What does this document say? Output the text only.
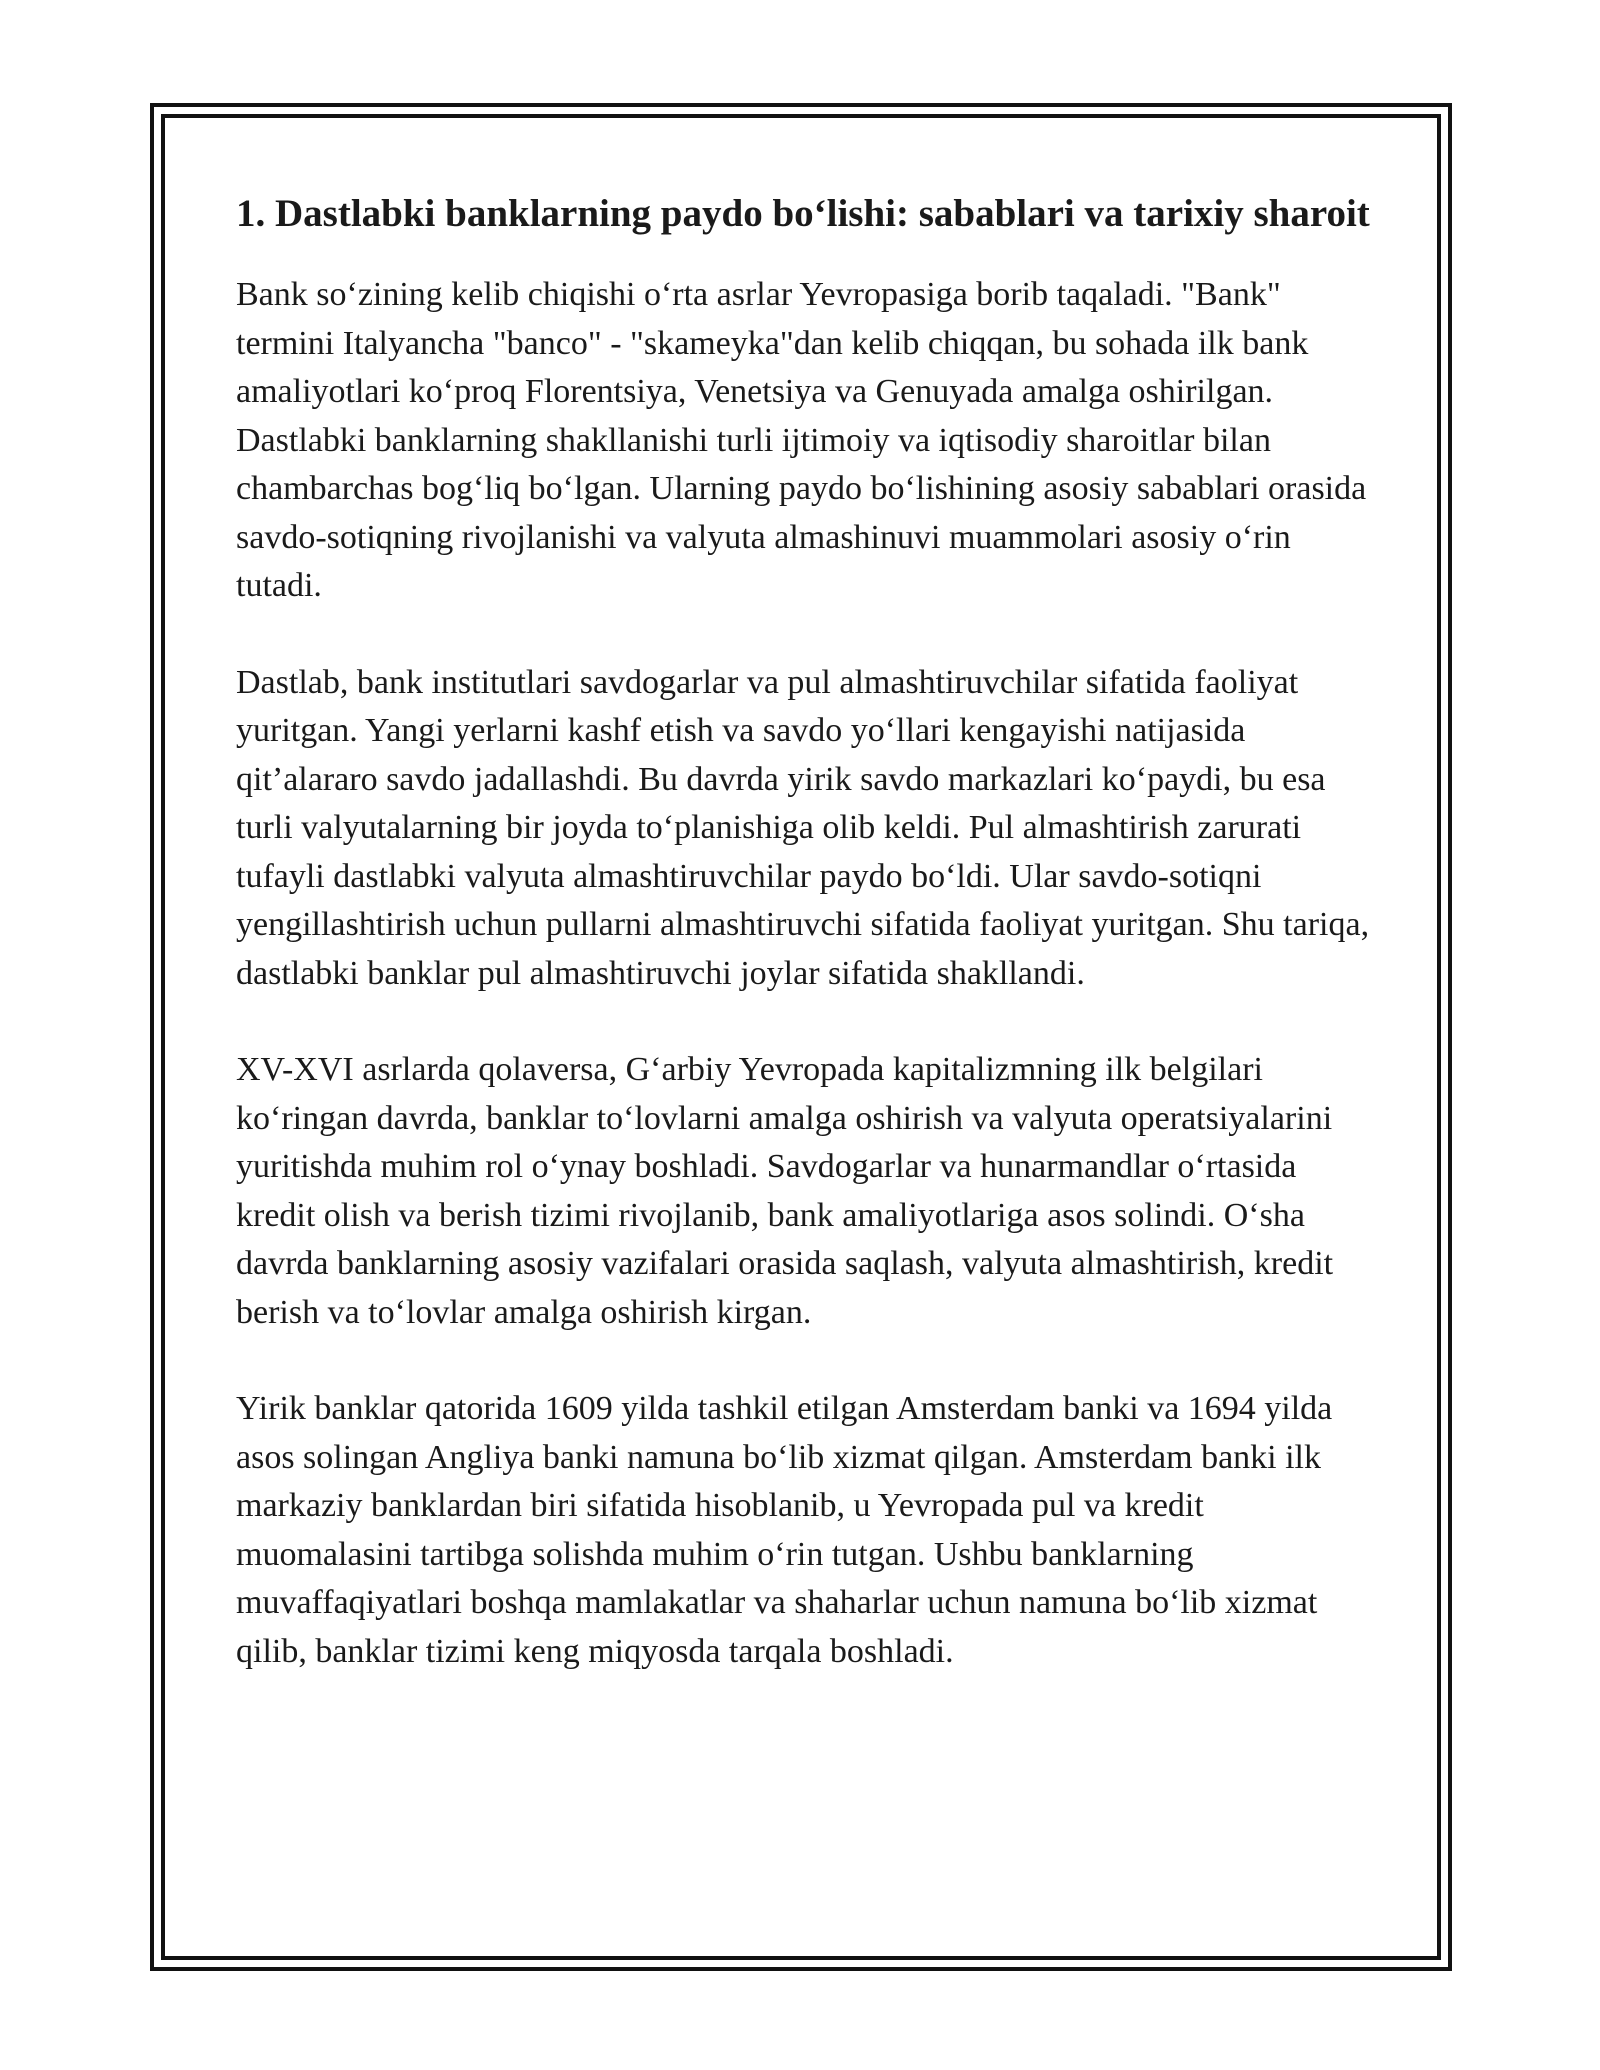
1. Dastlabki banklarning paydo bo‘lishi: sabablari va tarixiy sharoit

Bank so‘zining kelib chiqishi o‘rta asrlar Yevropasiga borib taqaladi. "Bank" termini Italyancha "banco" - "skameyka"dan kelib chiqqan, bu sohada ilk bank amaliyotlari ko‘proq Florentsiya, Venetsiya va Genuyada amalga oshirilgan. Dastlabki banklarning shakllanishi turli ijtimoiy va iqtisodiy sharoitlar bilan chambarchas bog‘liq bo‘lgan. Ularning paydo bo‘lishining asosiy sabablari orasida savdo-sotiqning rivojlanishi va valyuta almashinuvi muammolari asosiy o‘rin tutadi.

Dastlab, bank institutlari savdogarlar va pul almashtiruvchilar sifatida faoliyat yuritgan. Yangi yerlarni kashf etish va savdo yo‘llari kengayishi natijasida qit’alararo savdo jadallashdi. Bu davrda yirik savdo markazlari ko‘paydi, bu esa turli valyutalarning bir joyda to‘planishiga olib keldi. Pul almashtirish zarurati tufayli dastlabki valyuta almashtiruvchilar paydo bo‘ldi. Ular savdo-sotiqni yengillashtirish uchun pullarni almashtiruvchi sifatida faoliyat yuritgan. Shu tariqa, dastlabki banklar pul almashtiruvchi joylar sifatida shakllandi.

XV-XVI asrlarda qolaversa, G‘arbiy Yevropada kapitalizmning ilk belgilari ko‘ringan davrda, banklar to‘lovlarni amalga oshirish va valyuta operatsiyalarini yuritishda muhim rol o‘ynay boshladi. Savdogarlar va hunarmandlar o‘rtasida kredit olish va berish tizimi rivojlanib, bank amaliyotlariga asos solindi. O‘sha davrda banklarning asosiy vazifalari orasida saqlash, valyuta almashtirish, kredit berish va to‘lovlar amalga oshirish kirgan.

Yirik banklar qatorida 1609 yilda tashkil etilgan Amsterdam banki va 1694 yilda asos solingan Angliya banki namuna bo‘lib xizmat qilgan. Amsterdam banki ilk markaziy banklardan biri sifatida hisoblanib, u Yevropada pul va kredit muomalasini tartibga solishda muhim o‘rin tutgan. Ushbu banklarning muvaffaqiyatlari boshqa mamlakatlar va shaharlar uchun namuna bo‘lib xizmat qilib, banklar tizimi keng miqyosda tarqala boshladi.
